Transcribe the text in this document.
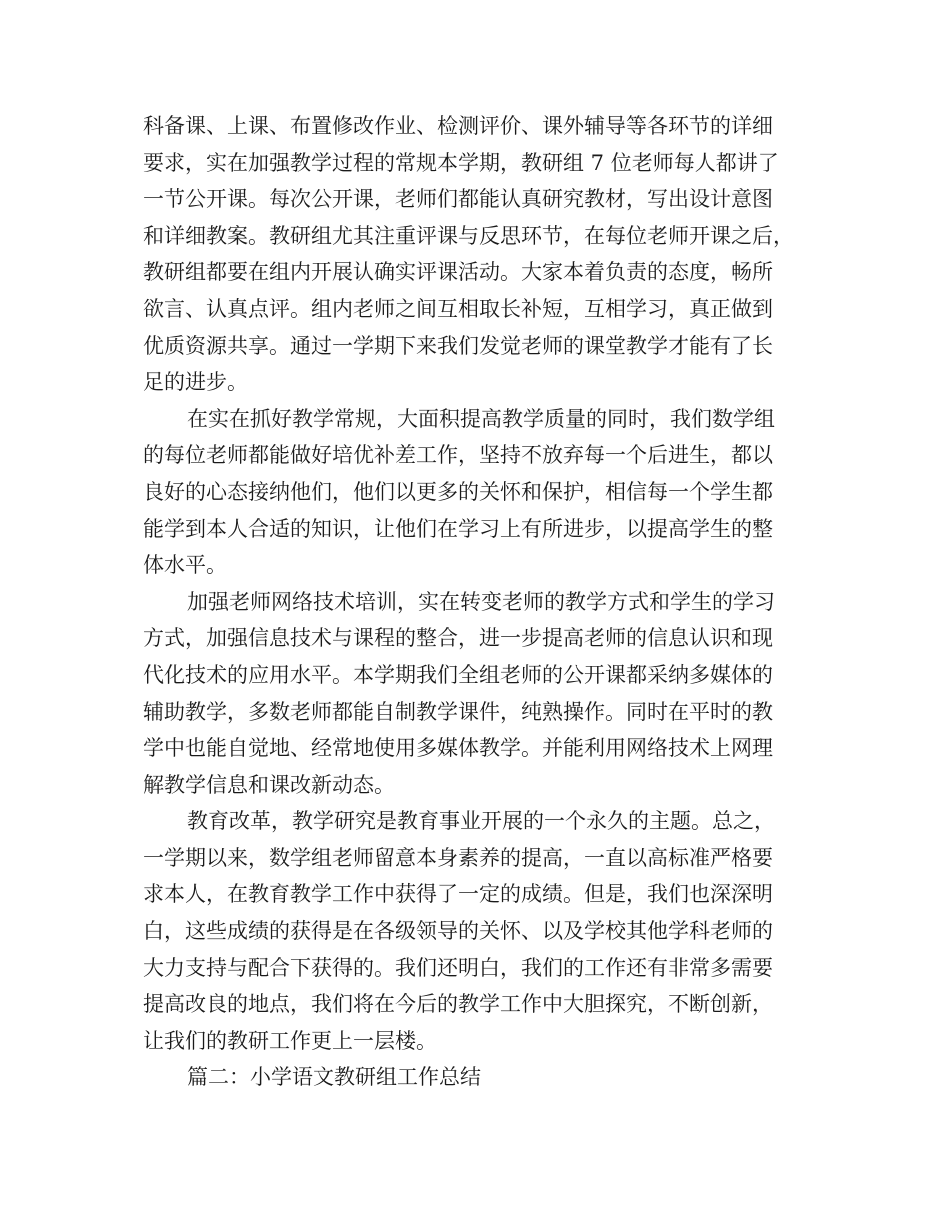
科备课、上课、布置修改作业、检测评价、课外辅导等各环节的详细
要求，实在加强教学过程的常规本学期，教研组 7 位老师每人都讲了
一节公开课。每次公开课，老师们都能认真研究教材，写出设计意图
和详细教案。教研组尤其注重评课与反思环节，在每位老师开课之后，
教研组都要在组内开展认确实评课活动。大家本着负责的态度，畅所
欲言、认真点评。组内老师之间互相取长补短，互相学习，真正做到
优质资源共享。通过一学期下来我们发觉老师的课堂教学才能有了长
足的进步。
在实在抓好教学常规，大面积提高教学质量的同时，我们数学组
的每位老师都能做好培优补差工作，坚持不放弃每一个后进生，都以
良好的心态接纳他们，他们以更多的关怀和保护，相信每一个学生都
能学到本人合适的知识，让他们在学习上有所进步，以提高学生的整
体水平。
加强老师网络技术培训，实在转变老师的教学方式和学生的学习
方式，加强信息技术与课程的整合，进一步提高老师的信息认识和现
代化技术的应用水平。本学期我们全组老师的公开课都采纳多媒体的
辅助教学，多数老师都能自制教学课件，纯熟操作。同时在平时的教
学中也能自觉地、经常地使用多媒体教学。并能利用网络技术上网理
解教学信息和课改新动态。
教育改革，教学研究是教育事业开展的一个永久的主题。总之，
一学期以来，数学组老师留意本身素养的提高，一直以高标准严格要
求本人，在教育教学工作中获得了一定的成绩。但是，我们也深深明
白，这些成绩的获得是在各级领导的关怀、以及学校其他学科老师的
大力支持与配合下获得的。我们还明白，我们的工作还有非常多需要
提高改良的地点，我们将在今后的教学工作中大胆探究，不断创新，
让我们的教研工作更上一层楼。
篇二：小学语文教研组工作总结
